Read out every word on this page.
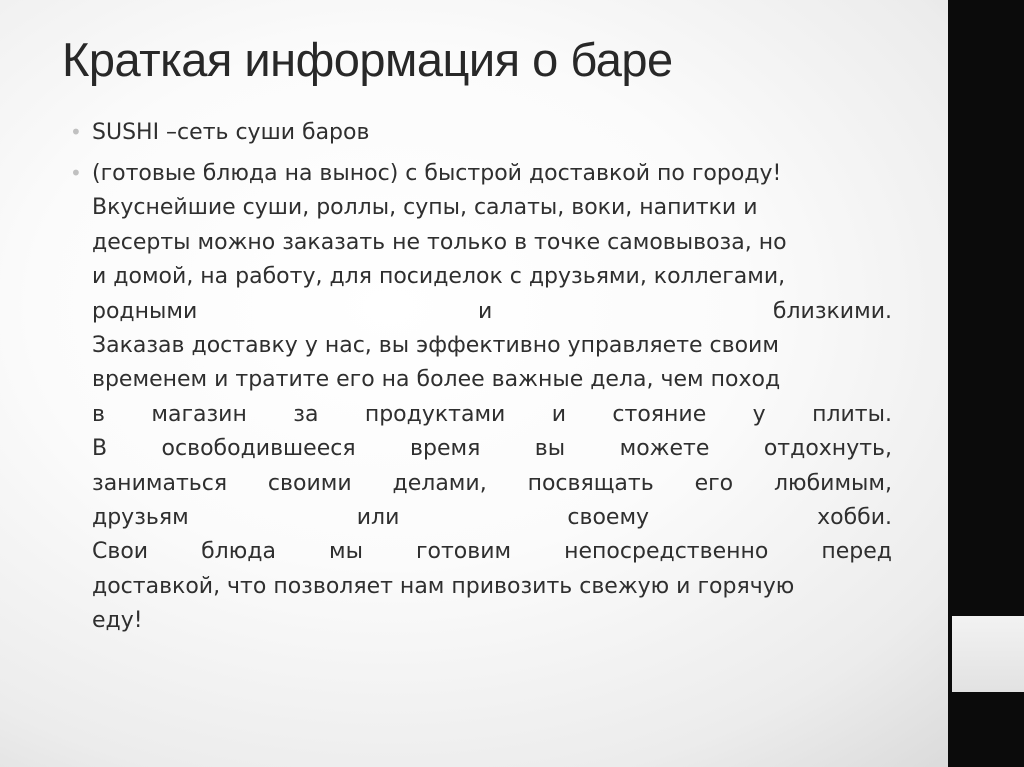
Краткая информация о баре
• SUSHI –сеть суши баров
• (готовые блюда на вынос) с быстрой доставкой по городу!
Вкуснейшие суши, роллы, супы, салаты, воки, напитки и
десерты можно заказать не только в точке самовывоза, но
и домой, на работу, для посиделок с друзьями, коллегами,
родными и близкими.
Заказав доставку у нас, вы эффективно управляете своим
временем и тратите его на более важные дела, чем поход
в магазин за продуктами и стояние у плиты.
В освободившееся время вы можете отдохнуть,
заниматься своими делами, посвящать его любимым,
друзьям или своему хобби.
Свои блюда мы готовим непосредственно перед
доставкой, что позволяет нам привозить свежую и горячую
еду!
